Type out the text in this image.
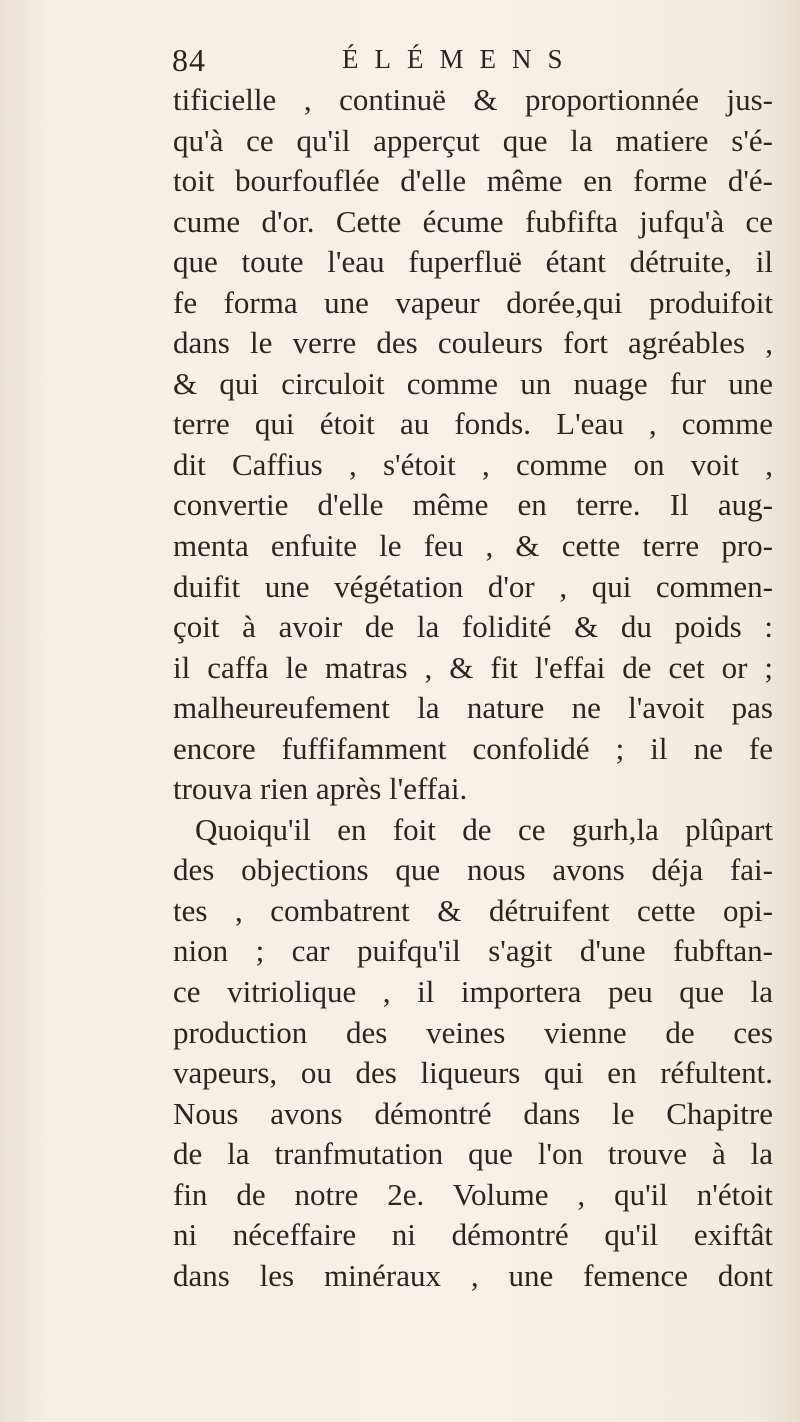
84	ÉLÉMENS
tificielle , continuë & proportionnée jus-
qu'à ce qu'il apperçut que la matiere s'é-
toit bourfouflée d'elle même en forme d'é-
cume d'or. Cette écume fubfifta jufqu'à ce
que toute l'eau fuperfluë étant détruite, il
fe forma une vapeur dorée,qui produifoit
dans le verre des couleurs fort agréables ,
& qui circuloit comme un nuage fur une
terre qui étoit au fonds. L'eau , comme
dit Caffius , s'étoit , comme on voit ,
convertie d'elle même en terre. Il aug-
menta enfuite le feu , & cette terre pro-
duifit une végétation d'or , qui commen-
çoit à avoir de la folidité & du poids :
il caffa le matras , & fit l'effai de cet or ;
malheureufement la nature ne l'avoit pas
encore fuffifamment confolidé ; il ne fe
trouva rien après l'effai.
Quoiqu'il en foit de ce gurh,la plûpart
des objections que nous avons déja fai-
tes , combatrent & détruifent cette opi-
nion ; car puifqu'il s'agit d'une fubftan-
ce vitriolique , il importera peu que la
production des veines vienne de ces
vapeurs, ou des liqueurs qui en réfultent.
Nous avons démontré dans le Chapitre
de la tranfmutation que l'on trouve à la
fin de notre 2e. Volume , qu'il n'étoit
ni néceffaire ni démontré qu'il exiftât
dans les minéraux , une femence dont
